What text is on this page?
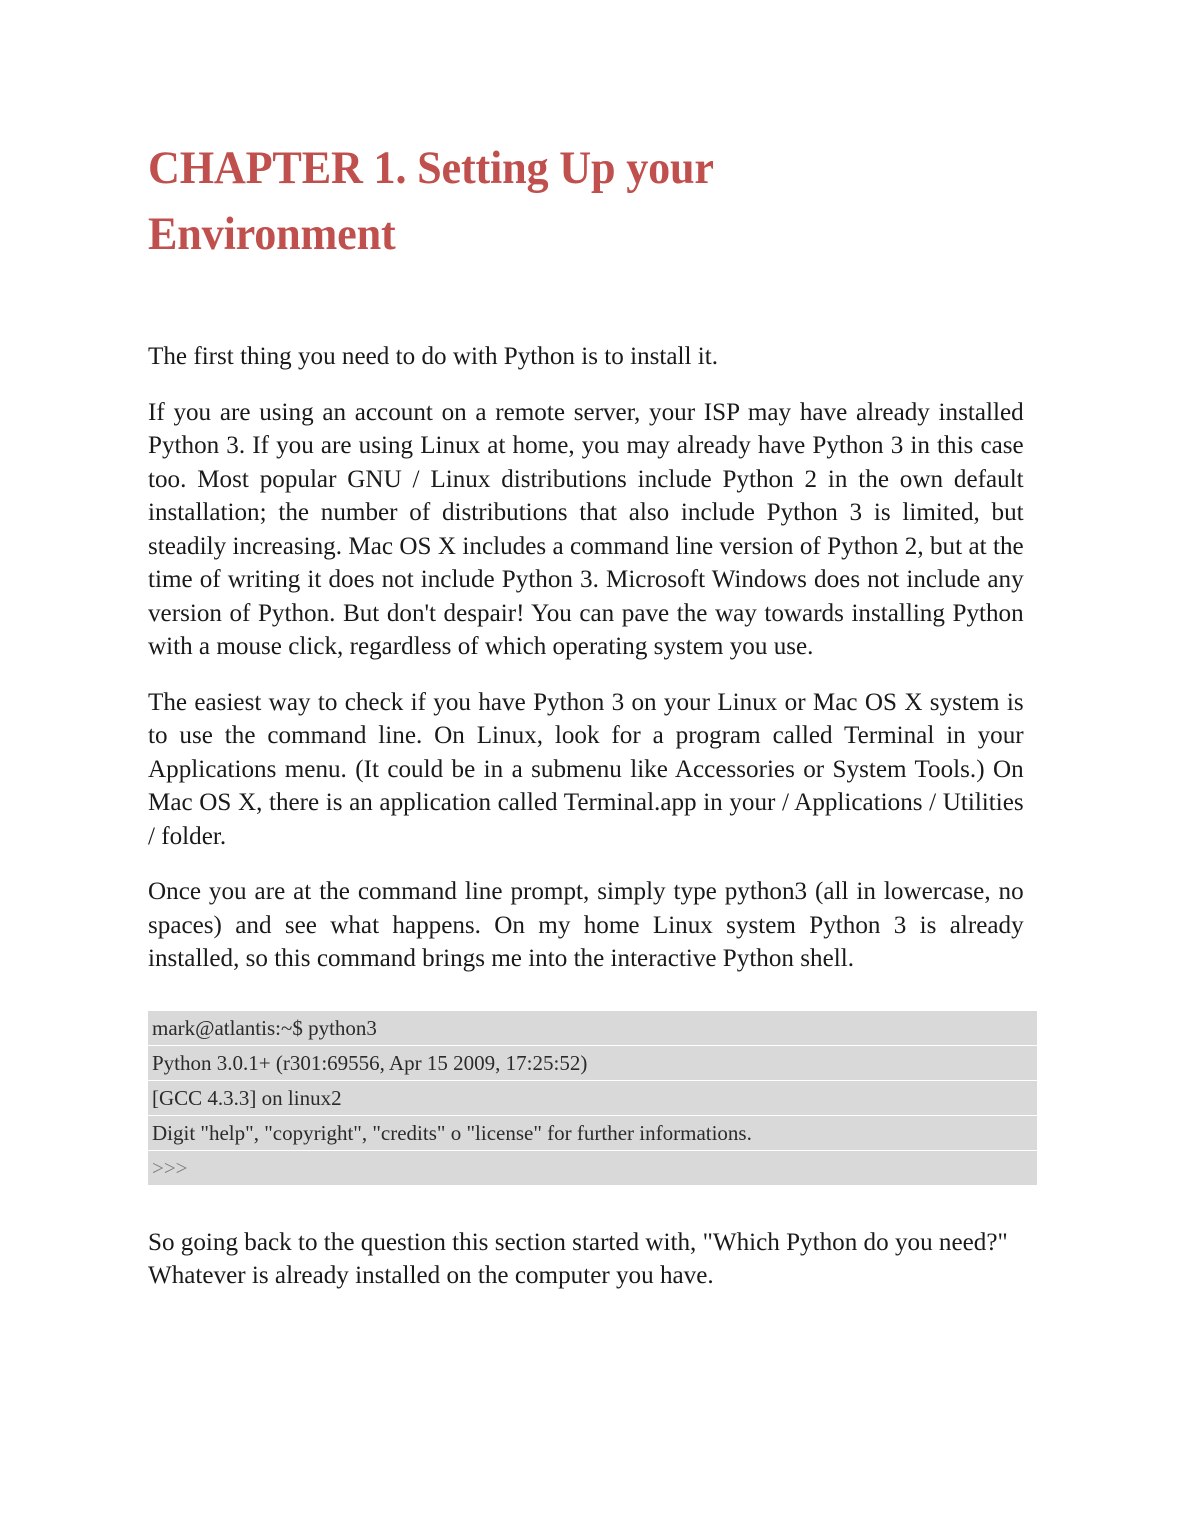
CHAPTER 1. Setting Up your Environment

The first thing you need to do with Python is to install it.

If you are using an account on a remote server, your ISP may have already installed Python 3. If you are using Linux at home, you may already have Python 3 in this case too. Most popular GNU / Linux distributions include Python 2 in the own default installation; the number of distributions that also include Python 3 is limited, but steadily increasing. Mac OS X includes a command line version of Python 2, but at the time of writing it does not include Python 3. Microsoft Windows does not include any version of Python. But don't despair! You can pave the way towards installing Python with a mouse click, regardless of which operating system you use.

The easiest way to check if you have Python 3 on your Linux or Mac OS X system is to use the command line. On Linux, look for a program called Terminal in your Applications menu. (It could be in a submenu like Accessories or System Tools.) On Mac OS X, there is an application called Terminal.app in your / Applications / Utilities / folder.

Once you are at the command line prompt, simply type python3 (all in lowercase, no spaces) and see what happens. On my home Linux system Python 3 is already installed, so this command brings me into the interactive Python shell.

mark@atlantis:~$ python3
Python 3.0.1+ (r301:69556, Apr 15 2009, 17:25:52)
[GCC 4.3.3] on linux2
Digit "help", "copyright", "credits" o "license" for further informations.
>>>

So going back to the question this section started with, "Which Python do you need?" Whatever is already installed on the computer you have.
